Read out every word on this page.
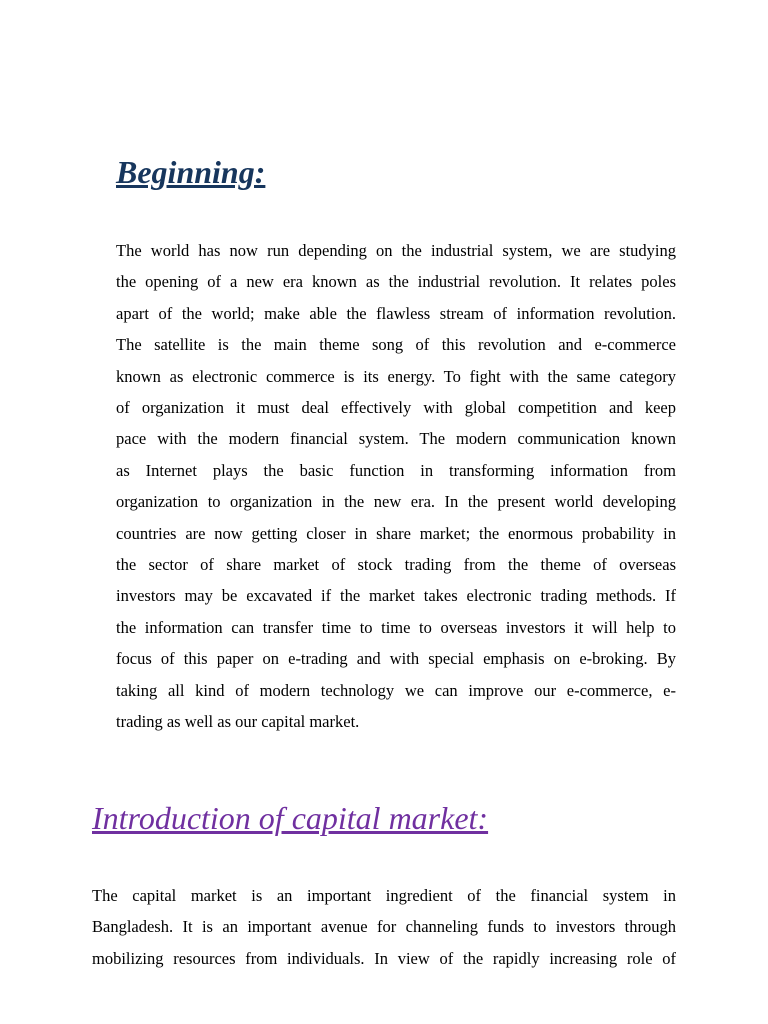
Beginning:
The world has now run depending on the industrial system, we are studying
the opening of a new era known as the industrial revolution. It relates poles
apart of the world; make able the flawless stream of information revolution.
The satellite is the main theme song of this revolution and e-commerce
known as electronic commerce is its energy. To fight with the same category
of organization it must deal effectively with global competition and keep
pace with the modern financial system. The modern communication known
as Internet plays the basic function in transforming information from
organization to organization in the new era. In the present world developing
countries are now getting closer in share market; the enormous probability in
the sector of share market of stock trading from the theme of overseas
investors may be excavated if the market takes electronic trading methods. If
the information can transfer time to time to overseas investors it will help to
focus of this paper on e-trading and with special emphasis on e-broking. By
taking all kind of modern technology we can improve our e-commerce, e-
trading as well as our capital market.
Introduction of capital market:
The capital market is an important ingredient of the financial system in
Bangladesh. It is an important avenue for channeling funds to investors through
mobilizing resources from individuals. In view of the rapidly increasing role of
